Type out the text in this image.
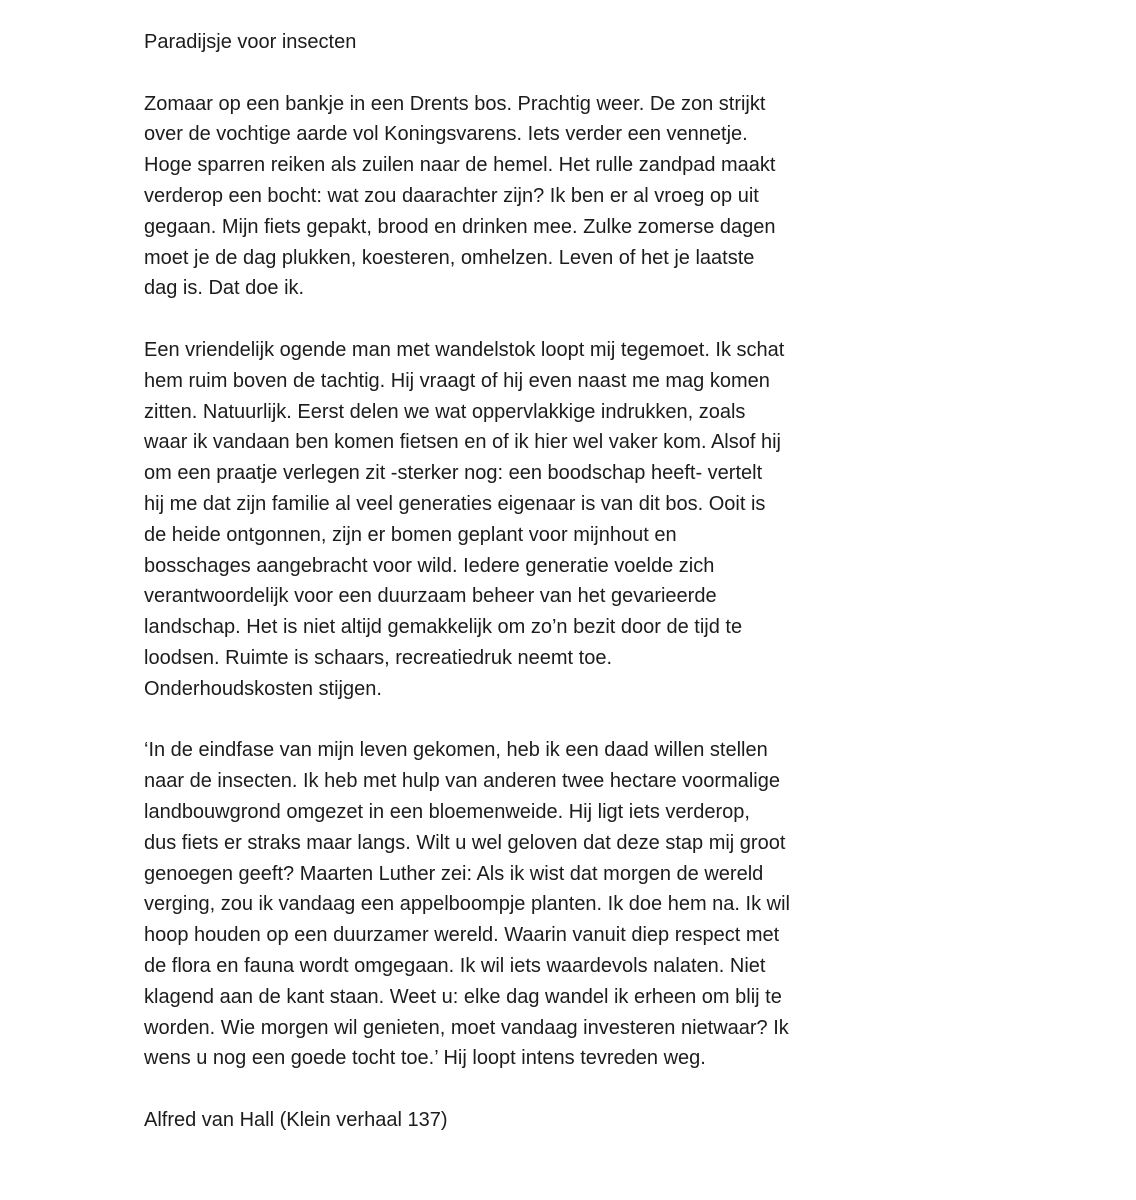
Paradijsje voor insecten

Zomaar op een bankje in een Drents bos. Prachtig weer. De zon strijkt
over de vochtige aarde vol Koningsvarens. Iets verder een vennetje.
Hoge sparren reiken als zuilen naar de hemel. Het rulle zandpad maakt
verderop een bocht: wat zou daarachter zijn? Ik ben er al vroeg op uit
gegaan. Mijn fiets gepakt, brood en drinken mee. Zulke zomerse dagen
moet je de dag plukken, koesteren, omhelzen. Leven of het je laatste
dag is. Dat doe ik.

Een vriendelijk ogende man met wandelstok loopt mij tegemoet. Ik schat
hem ruim boven de tachtig. Hij vraagt of hij even naast me mag komen
zitten. Natuurlijk. Eerst delen we wat oppervlakkige indrukken, zoals
waar ik vandaan ben komen fietsen en of ik hier wel vaker kom. Alsof hij
om een praatje verlegen zit -sterker nog: een boodschap heeft- vertelt
hij me dat zijn familie al veel generaties eigenaar is van dit bos. Ooit is
de heide ontgonnen, zijn er bomen geplant voor mijnhout en
bosschages aangebracht voor wild. Iedere generatie voelde zich
verantwoordelijk voor een duurzaam beheer van het gevarieerde
landschap. Het is niet altijd gemakkelijk om zo’n bezit door de tijd te
loodsen. Ruimte is schaars, recreatiedruk neemt toe.
Onderhoudskosten stijgen.

‘In de eindfase van mijn leven gekomen, heb ik een daad willen stellen
naar de insecten. Ik heb met hulp van anderen twee hectare voormalige
landbouwgrond omgezet in een bloemenweide. Hij ligt iets verderop,
dus fiets er straks maar langs. Wilt u wel geloven dat deze stap mij groot
genoegen geeft? Maarten Luther zei: Als ik wist dat morgen de wereld
verging, zou ik vandaag een appelboompje planten. Ik doe hem na. Ik wil
hoop houden op een duurzamer wereld. Waarin vanuit diep respect met
de flora en fauna wordt omgegaan. Ik wil iets waardevols nalaten. Niet
klagend aan de kant staan. Weet u: elke dag wandel ik erheen om blij te
worden. Wie morgen wil genieten, moet vandaag investeren nietwaar? Ik
wens u nog een goede tocht toe.’ Hij loopt intens tevreden weg.

Alfred van Hall (Klein verhaal 137)
